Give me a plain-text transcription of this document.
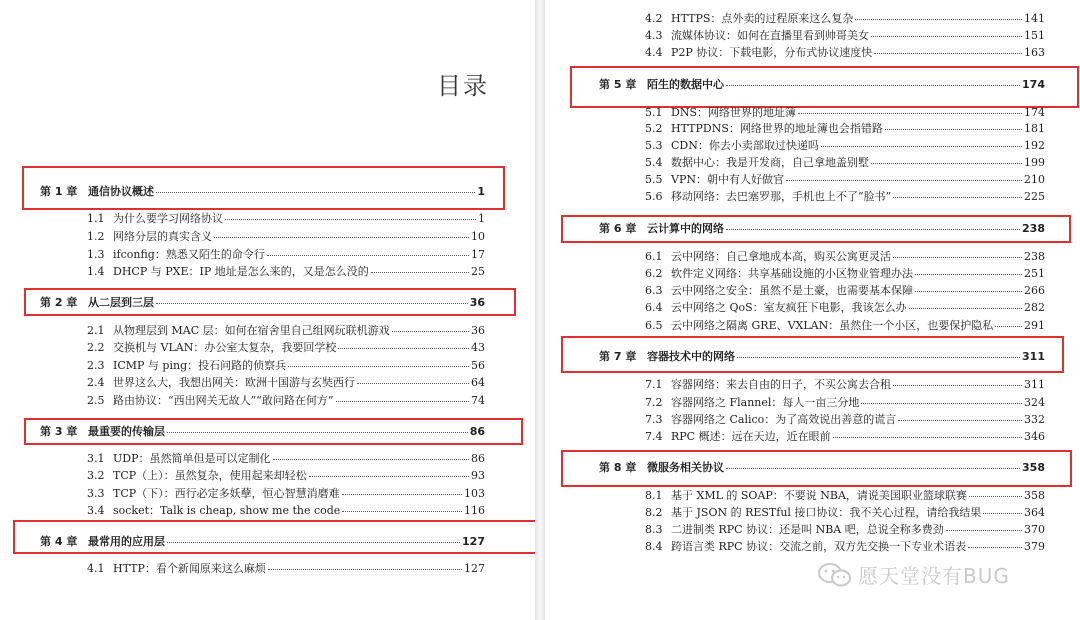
目录
第 1 章 通信协议概述	1
1.1 为什么要学习网络协议	1
1.2 网络分层的真实含义	10
1.3 ifconfig：熟悉又陌生的命令行	17
1.4 DHCP 与 PXE：IP 地址是怎么来的，又是怎么没的	25
第 2 章 从二层到三层	36
2.1 从物理层到 MAC 层：如何在宿舍里自己组网玩联机游戏	36
2.2 交换机与 VLAN：办公室太复杂，我要回学校	43
2.3 ICMP 与 ping：投石问路的侦察兵	56
2.4 世界这么大，我想出网关：欧洲十国游与玄奘西行	64
2.5 路由协议：“西出网关无故人”“敢问路在何方”	74
第 3 章 最重要的传输层	86
3.1 UDP：虽然简单但是可以定制化	86
3.2 TCP（上）：虽然复杂，使用起来却轻松	93
3.3 TCP（下）：西行必定多妖孽，恒心智慧消磨难	103
3.4 socket：Talk is cheap, show me the code	116
第 4 章 最常用的应用层	127
4.1 HTTP：看个新闻原来这么麻烦	127
4.2 HTTPS：点外卖的过程原来这么复杂	141
4.3 流媒体协议：如何在直播里看到帅哥美女	151
4.4 P2P 协议：下载电影，分布式协议速度快	163
第 5 章 陌生的数据中心	174
5.1 DNS：网络世界的地址簿	174
5.2 HTTPDNS：网络世界的地址簿也会指错路	181
5.3 CDN：你去小卖部取过快递吗	192
5.4 数据中心：我是开发商，自己拿地盖别墅	199
5.5 VPN：朝中有人好做官	210
5.6 移动网络：去巴塞罗那，手机也上不了“脸书”	225
第 6 章 云计算中的网络	238
6.1 云中网络：自己拿地成本高，购买公寓更灵活	238
6.2 软件定义网络：共享基础设施的小区物业管理办法	251
6.3 云中网络之安全：虽然不是土豪，也需要基本保障	266
6.4 云中网络之 QoS：室友疯狂下电影，我该怎么办	282
6.5 云中网络之隔离 GRE、VXLAN：虽然住一个小区，也要保护隐私	291
第 7 章 容器技术中的网络	311
7.1 容器网络：来去自由的日子，不买公寓去合租	311
7.2 容器网络之 Flannel：每人一亩三分地	324
7.3 容器网络之 Calico：为了高效说出善意的谎言	332
7.4 RPC 概述：远在天边，近在眼前	346
第 8 章 微服务相关协议	358
8.1 基于 XML 的 SOAP：不要说 NBA，请说美国职业篮球联赛	358
8.2 基于 JSON 的 RESTful 接口协议：我不关心过程，请给我结果	364
8.3 二进制类 RPC 协议：还是叫 NBA 吧，总说全称多费劲	370
8.4 跨语言类 RPC 协议：交流之前，双方先交换一下专业术语表	379
愿天堂没有BUG
